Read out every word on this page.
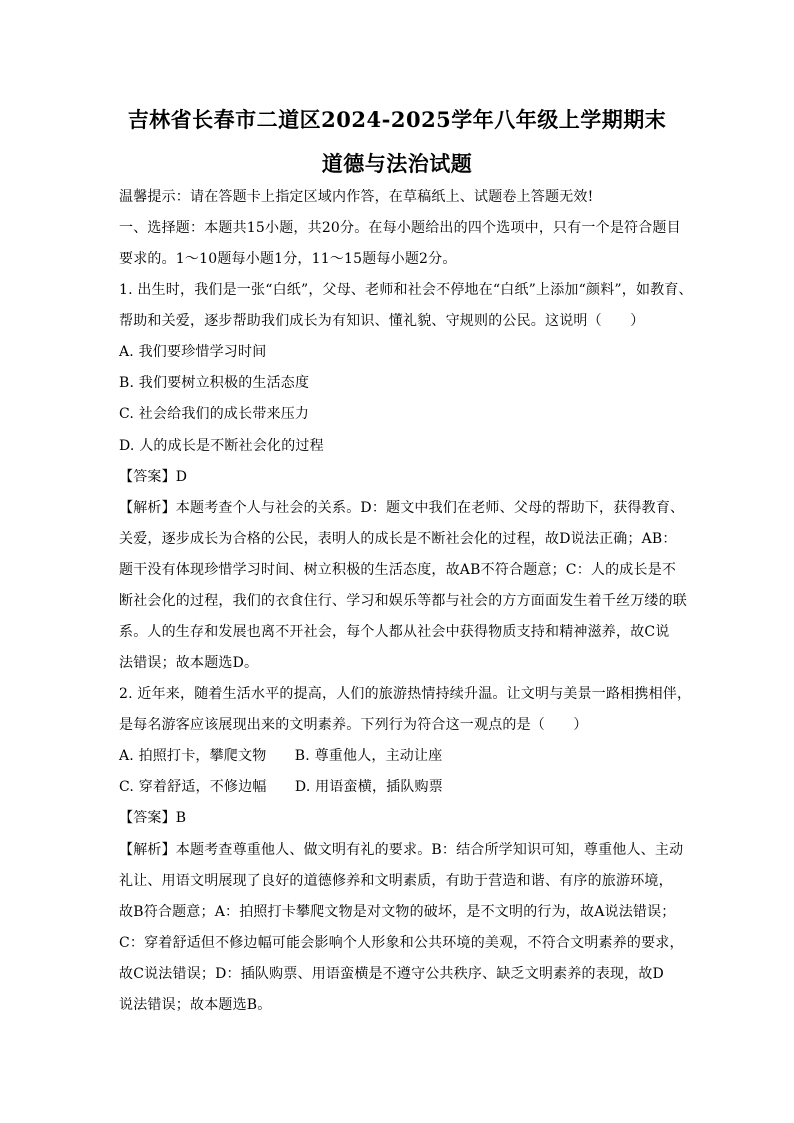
吉林省长春市二道区2024-2025学年八年级上学期期末
道德与法治试题
温馨提示：请在答题卡上指定区域内作答，在草稿纸上、试题卷上答题无效!
一、选择题：本题共15小题，共20分。在每小题给出的四个选项中，只有一个是符合题目
要求的。1～10题每小题1分，11～15题每小题2分。
1. 出生时，我们是一张“白纸”，父母、老师和社会不停地在“白纸”上添加“颜料”，如教育、
帮助和关爱，逐步帮助我们成长为有知识、懂礼貌、守规则的公民。这说明（　　）
A. 我们要珍惜学习时间
B. 我们要树立积极的生活态度
C. 社会给我们的成长带来压力
D. 人的成长是不断社会化的过程
【答案】D
【解析】本题考查个人与社会的关系。D：题文中我们在老师、父母的帮助下，获得教育、
关爱，逐步成长为合格的公民，表明人的成长是不断社会化的过程，故D说法正确；AB：
题干没有体现珍惜学习时间、树立积极的生活态度，故AB不符合题意；C：人的成长是不
断社会化的过程，我们的衣食住行、学习和娱乐等都与社会的方方面面发生着千丝万缕的联
系。人的生存和发展也离不开社会，每个人都从社会中获得物质支持和精神滋养，故C说
法错误；故本题选D。
2. 近年来，随着生活水平的提高，人们的旅游热情持续升温。让文明与美景一路相携相伴，
是每名游客应该展现出来的文明素养。下列行为符合这一观点的是（　　）
A. 拍照打卡，攀爬文物　　B. 尊重他人，主动让座
C. 穿着舒适，不修边幅　　D. 用语蛮横，插队购票
【答案】B
【解析】本题考查尊重他人、做文明有礼的要求。B：结合所学知识可知，尊重他人、主动
礼让、用语文明展现了良好的道德修养和文明素质，有助于营造和谐、有序的旅游环境，
故B符合题意；A：拍照打卡攀爬文物是对文物的破坏，是不文明的行为，故A说法错误；
C：穿着舒适但不修边幅可能会影响个人形象和公共环境的美观，不符合文明素养的要求，
故C说法错误；D：插队购票、用语蛮横是不遵守公共秩序、缺乏文明素养的表现，故D
说法错误；故本题选B。
